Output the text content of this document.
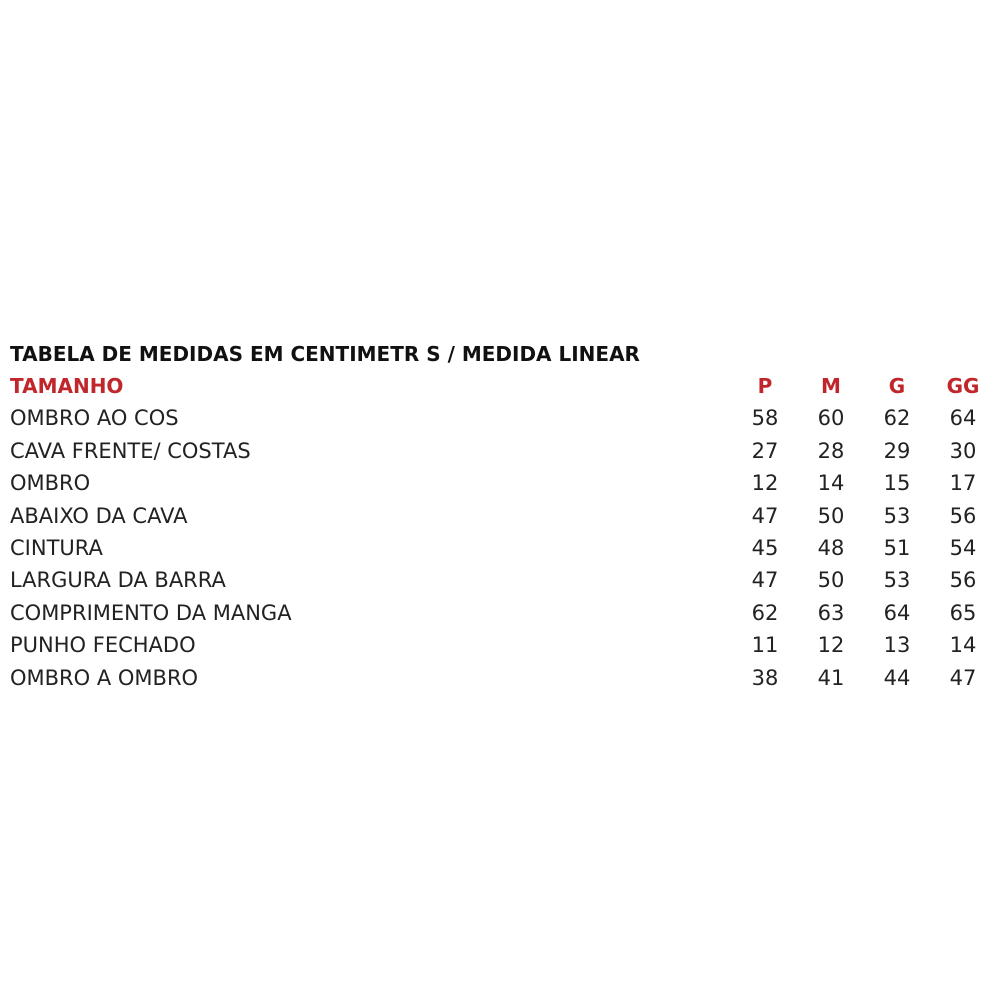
TABELA DE MEDIDAS EM CENTIMETR S / MEDIDA LINEAR
TAMANHO	P	M	G	GG
OMBRO AO COS	58	60	62	64
CAVA FRENTE/ COSTAS	27	28	29	30
OMBRO	12	14	15	17
ABAIXO DA CAVA	47	50	53	56
CINTURA	45	48	51	54
LARGURA DA BARRA	47	50	53	56
COMPRIMENTO DA MANGA	62	63	64	65
PUNHO FECHADO	11	12	13	14
OMBRO A OMBRO	38	41	44	47
